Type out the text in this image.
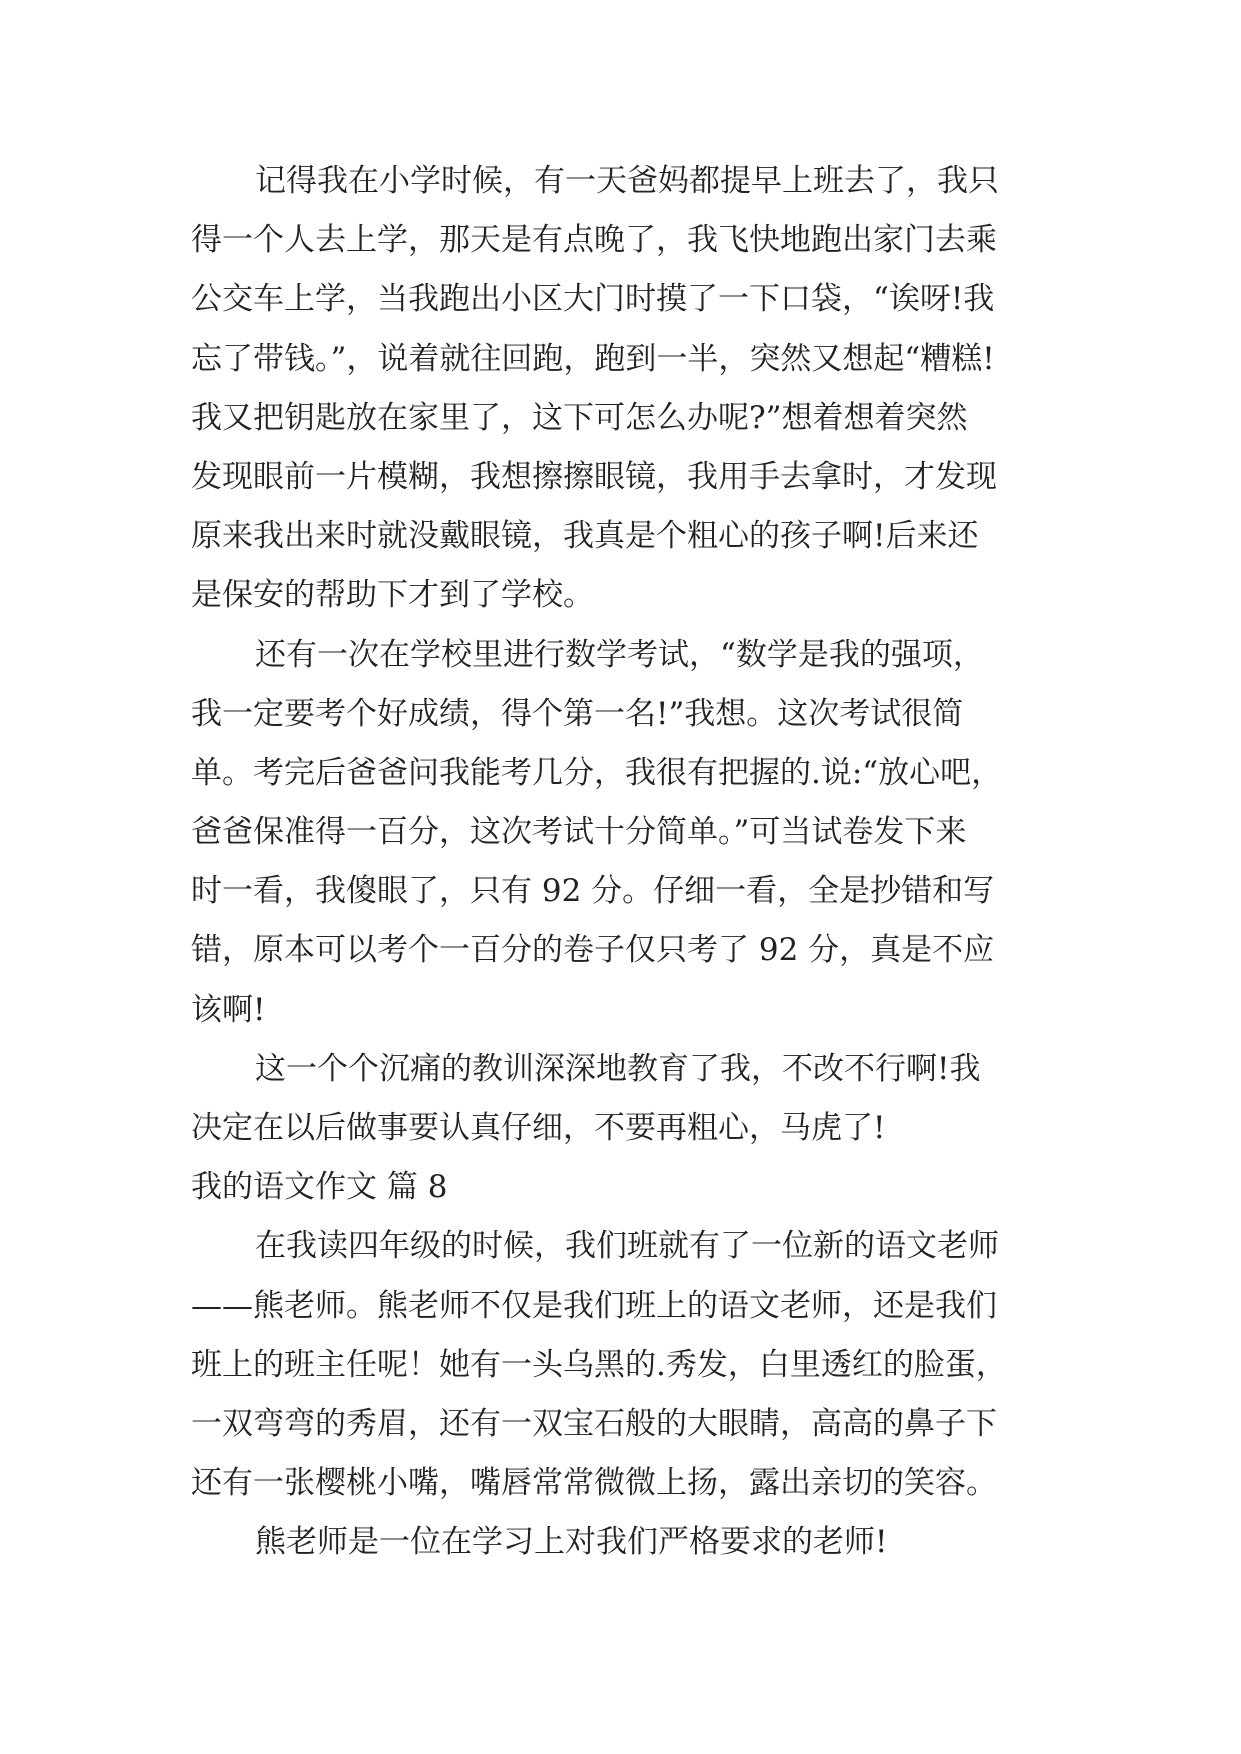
记得我在小学时候，有一天爸妈都提早上班去了，我只
得一个人去上学，那天是有点晚了，我飞快地跑出家门去乘
公交车上学，当我跑出小区大门时摸了一下口袋，“诶呀!我
忘了带钱。”，说着就往回跑，跑到一半，突然又想起“糟糕!
我又把钥匙放在家里了，这下可怎么办呢?”想着想着突然
发现眼前一片模糊，我想擦擦眼镜，我用手去拿时，才发现
原来我出来时就没戴眼镜，我真是个粗心的孩子啊!后来还
是保安的帮助下才到了学校。
还有一次在学校里进行数学考试，“数学是我的强项，
我一定要考个好成绩，得个第一名!”我想。这次考试很简
单。考完后爸爸问我能考几分，我很有把握的.说:“放心吧，
爸爸保准得一百分，这次考试十分简单。”可当试卷发下来
时一看，我傻眼了，只有 92 分。仔细一看，全是抄错和写
错，原本可以考个一百分的卷子仅只考了 92 分，真是不应
该啊!
这一个个沉痛的教训深深地教育了我，不改不行啊!我
决定在以后做事要认真仔细，不要再粗心，马虎了!
我的语文作文 篇 8
在我读四年级的时候，我们班就有了一位新的语文老师
——熊老师。熊老师不仅是我们班上的语文老师，还是我们
班上的班主任呢！她有一头乌黑的.秀发，白里透红的脸蛋，
一双弯弯的秀眉，还有一双宝石般的大眼睛，高高的鼻子下
还有一张樱桃小嘴，嘴唇常常微微上扬，露出亲切的笑容。
熊老师是一位在学习上对我们严格要求的老师!
